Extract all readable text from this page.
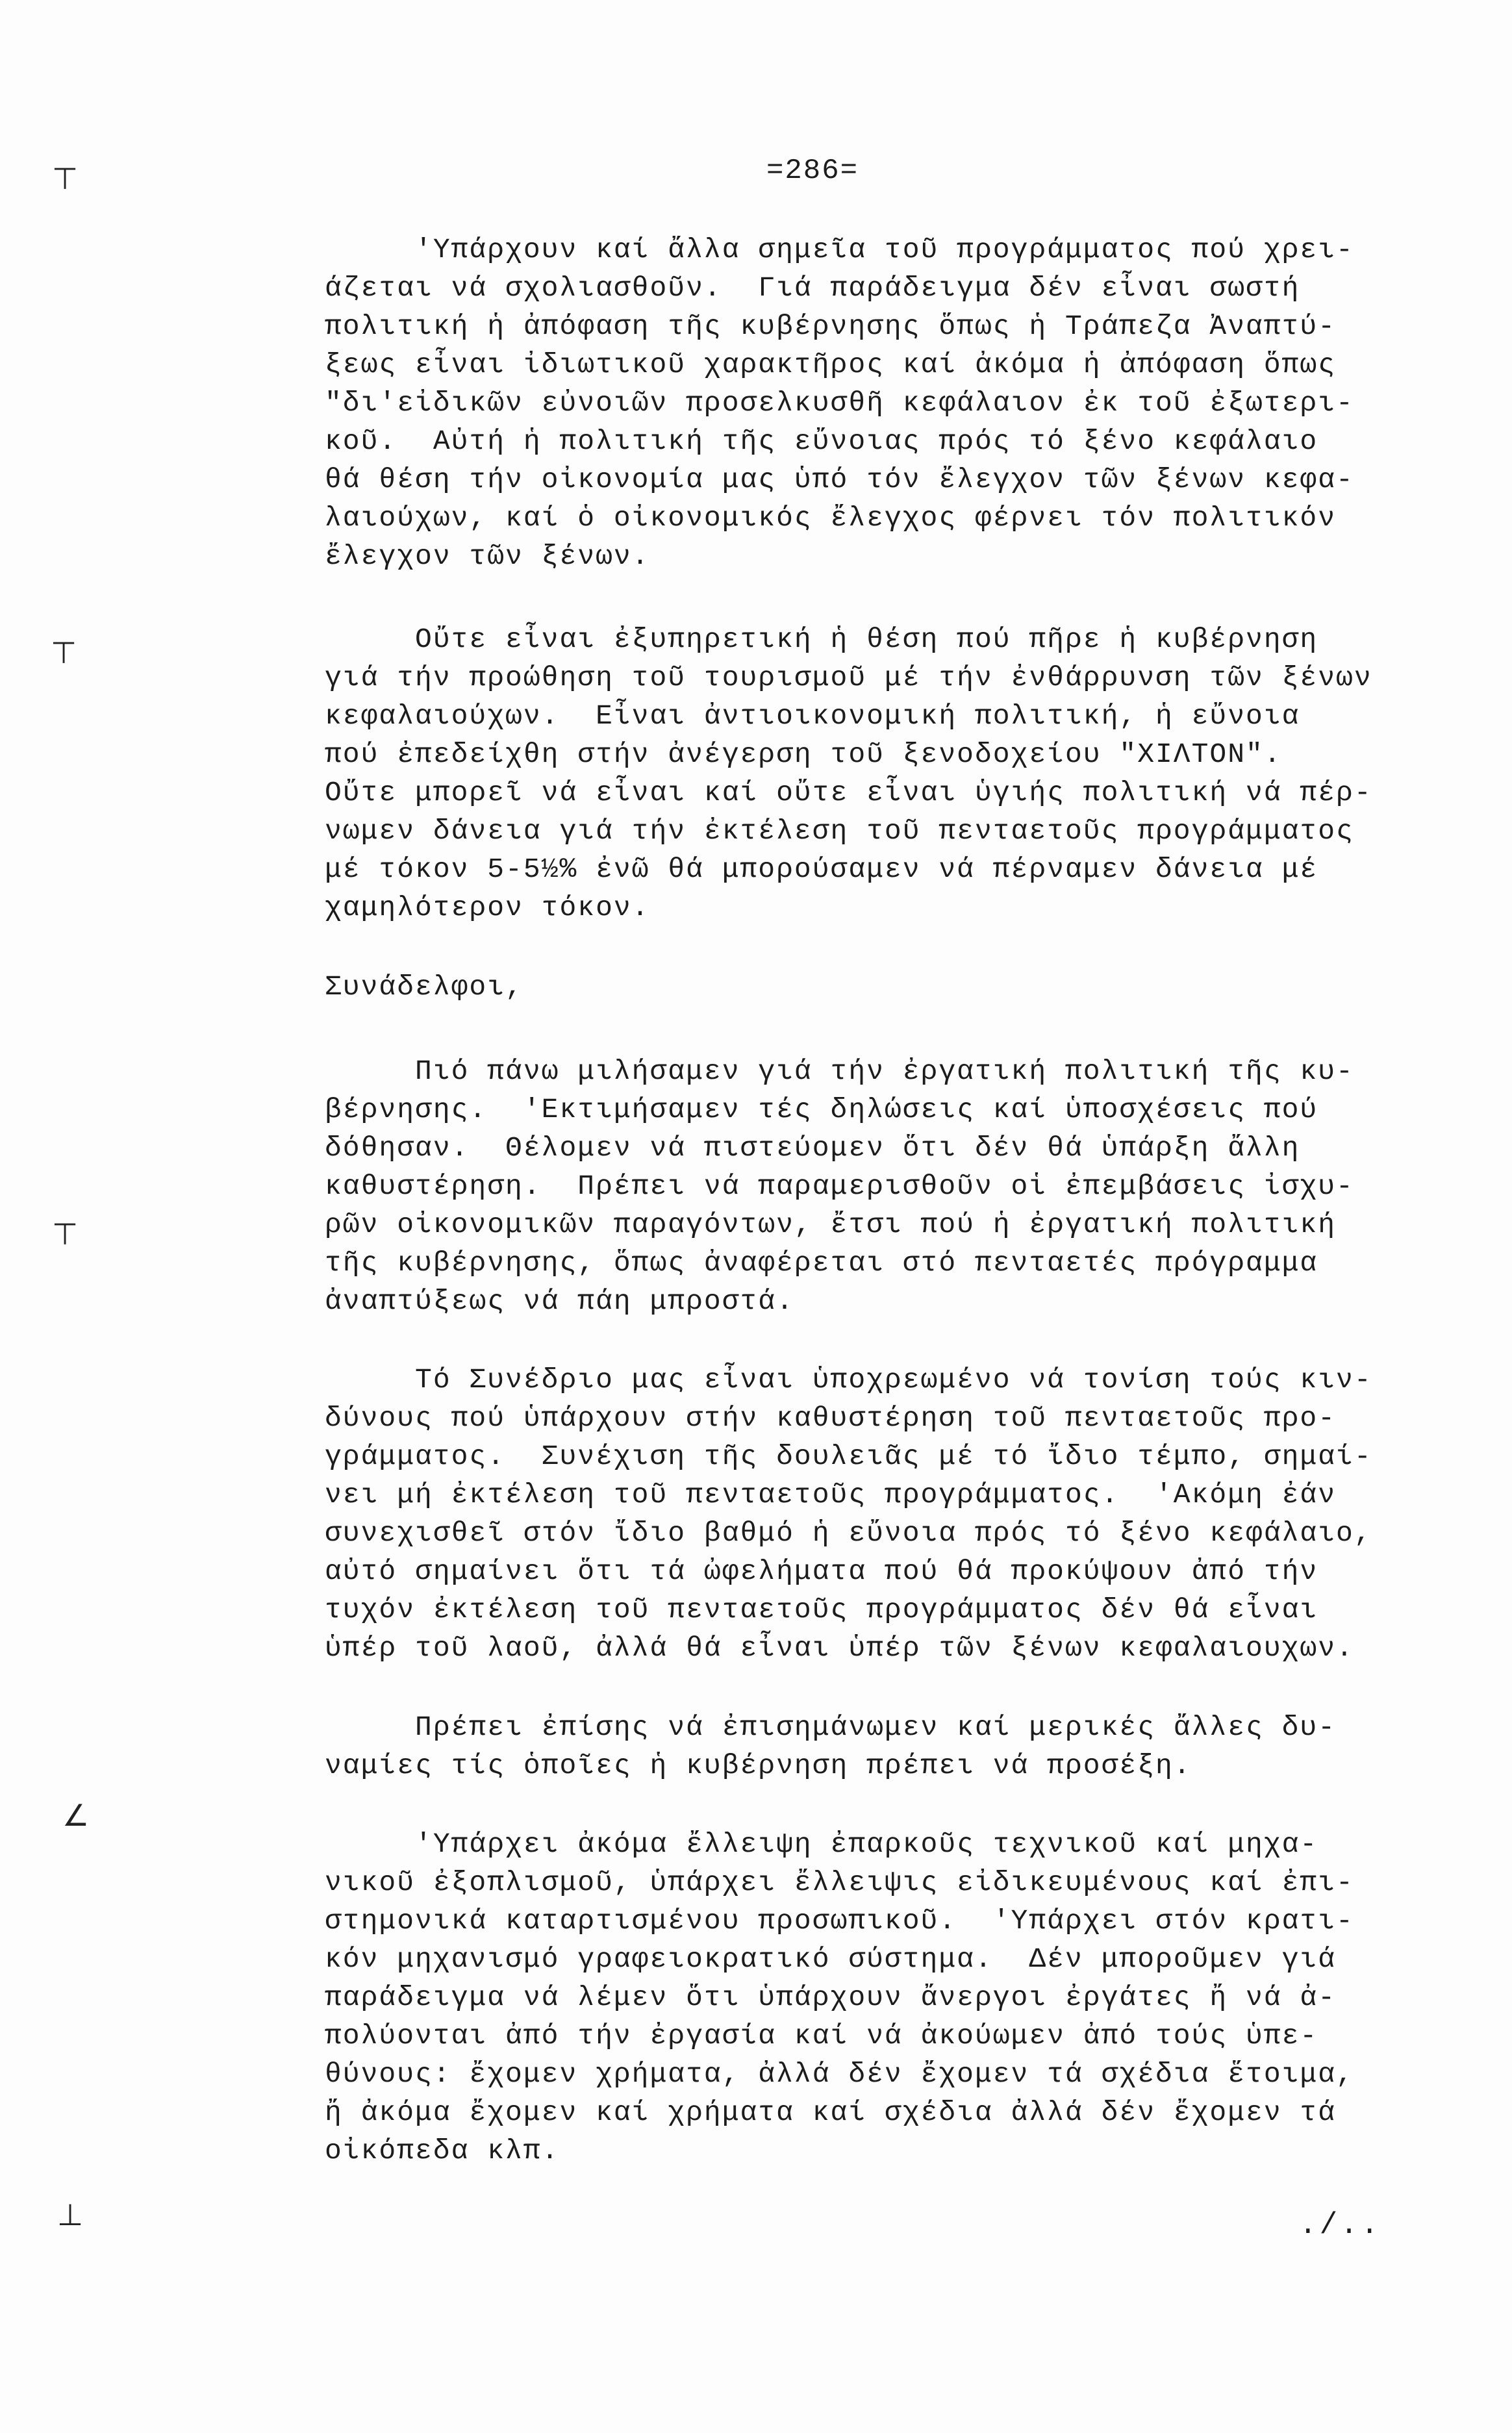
=286=
⊤
⊤
⊤
∠
⊥
'Υπάρχουν καί ἄλλα σημεῖα τοῦ προγράμματος πού χρει-
άζεται νά σχολιασθοῦν.  Γιά παράδειγμα δέν εἶναι σωστή
πολιτική ἡ ἀπόφαση τῆς κυβέρνησης ὅπως ἡ Τράπεζα Ἀναπτύ-
ξεως εἶναι ἰδιωτικοῦ χαρακτῆρος καί ἀκόμα ἡ ἀπόφαση ὅπως
"δι'εἰδικῶν εὐνοιῶν προσελκυσθῆ κεφάλαιον ἐκ τοῦ ἐξωτερι-
κοῦ.  Αὐτή ἡ πολιτική τῆς εὔνοιας πρός τό ξένο κεφάλαιο
θά θέση τήν οἰκονομία μας ὑπό τόν ἔλεγχον τῶν ξένων κεφα-
λαιούχων, καί ὁ οἰκονομικός ἔλεγχος φέρνει τόν πολιτικόν
ἔλεγχον τῶν ξένων.
Οὔτε εἶναι ἐξυπηρετική ἡ θέση πού πῆρε ἡ κυβέρνηση
γιά τήν προώθηση τοῦ τουρισμοῦ μέ τήν ἐνθάρρυνση τῶν ξένων
κεφαλαιούχων.  Εἶναι ἀντιοικονομική πολιτική, ἡ εὔνοια
πού ἐπεδείχθη στήν ἀνέγερση τοῦ ξενοδοχείου "ΧΙΛΤΟΝ".
Οὔτε μπορεῖ νά εἶναι καί οὔτε εἶναι ὑγιής πολιτική νά πέρ-
νωμεν δάνεια γιά τήν ἐκτέλεση τοῦ πενταετοῦς προγράμματος
μέ τόκον 5-5½% ἐνῶ θά μπορούσαμεν νά πέρναμεν δάνεια μέ
χαμηλότερον τόκον.
Συνάδελφοι,
Πιό πάνω μιλήσαμεν γιά τήν ἐργατική πολιτική τῆς κυ-
βέρνησης.  'Εκτιμήσαμεν τές δηλώσεις καί ὑποσχέσεις πού
δόθησαν.  Θέλομεν νά πιστεύομεν ὅτι δέν θά ὑπάρξη ἄλλη
καθυστέρηση.  Πρέπει νά παραμερισθοῦν οἱ ἐπεμβάσεις ἰσχυ-
ρῶν οἰκονομικῶν παραγόντων, ἔτσι πού ἡ ἐργατική πολιτική
τῆς κυβέρνησης, ὅπως ἀναφέρεται στό πενταετές πρόγραμμα
ἀναπτύξεως νά πάη μπροστά.
Τό Συνέδριο μας εἶναι ὑποχρεωμένο νά τονίση τούς κιν-
δύνους πού ὑπάρχουν στήν καθυστέρηση τοῦ πενταετοῦς προ-
γράμματος.  Συνέχιση τῆς δουλειᾶς μέ τό ἴδιο τέμπο, σημαί-
νει μή ἐκτέλεση τοῦ πενταετοῦς προγράμματος.  'Ακόμη ἐάν
συνεχισθεῖ στόν ἴδιο βαθμό ἡ εὔνοια πρός τό ξένο κεφάλαιο,
αὐτό σημαίνει ὅτι τά ὠφελήματα πού θά προκύψουν ἀπό τήν
τυχόν ἐκτέλεση τοῦ πενταετοῦς προγράμματος δέν θά εἶναι
ὑπέρ τοῦ λαοῦ, ἀλλά θά εἶναι ὑπέρ τῶν ξένων κεφαλαιουχων.
Πρέπει ἐπίσης νά ἐπισημάνωμεν καί μερικές ἄλλες δυ-
ναμίες τίς ὁποῖες ἡ κυβέρνηση πρέπει νά προσέξη.
'Υπάρχει ἀκόμα ἔλλειψη ἐπαρκοῦς τεχνικοῦ καί μηχα-
νικοῦ ἐξοπλισμοῦ, ὑπάρχει ἔλλειψις εἰδικευμένους καί ἐπι-
στημονικά καταρτισμένου προσωπικοῦ.  'Υπάρχει στόν κρατι-
κόν μηχανισμό γραφειοκρατικό σύστημα.  Δέν μποροῦμεν γιά
παράδειγμα νά λέμεν ὅτι ὑπάρχουν ἄνεργοι ἐργάτες ἤ νά ἀ-
πολύονται ἀπό τήν ἐργασία καί νά ἀκούωμεν ἀπό τούς ὑπε-
θύνους: ἔχομεν χρήματα, ἀλλά δέν ἔχομεν τά σχέδια ἕτοιμα,
ἤ ἀκόμα ἔχομεν καί χρήματα καί σχέδια ἀλλά δέν ἔχομεν τά
οἰκόπεδα κλπ.
./..
